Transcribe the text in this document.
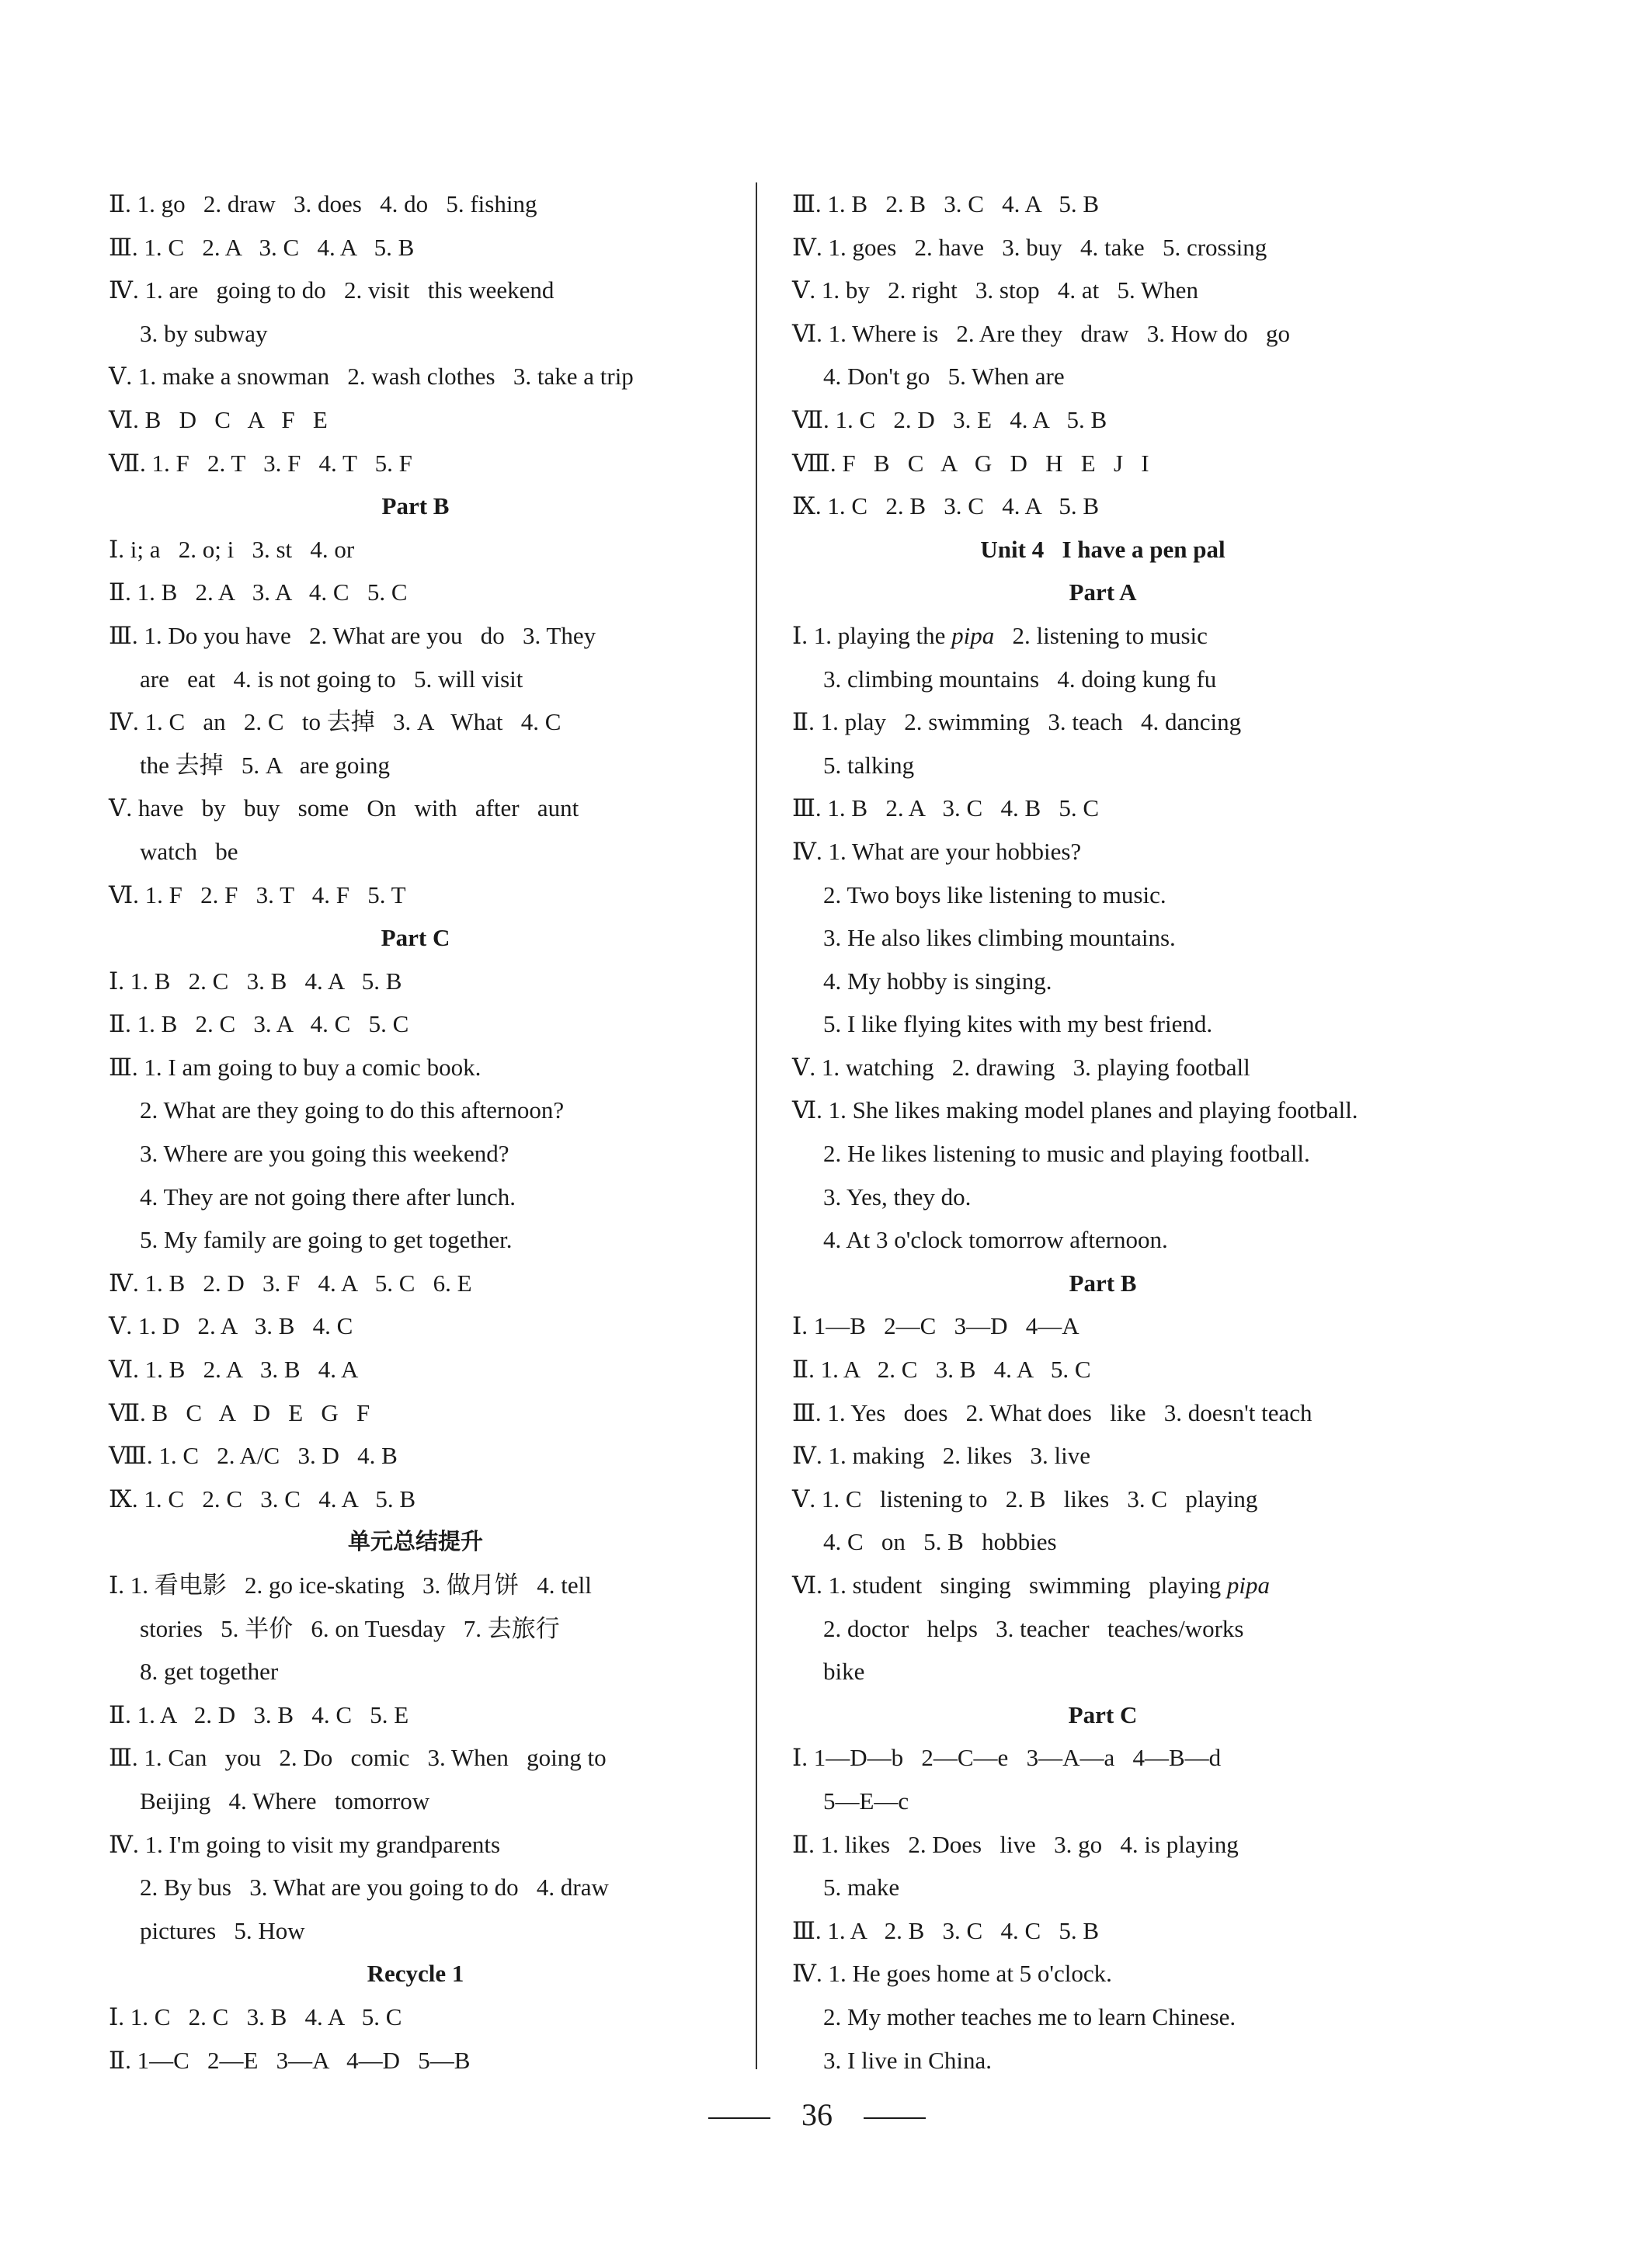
Ⅱ. 1. go   2. draw   3. does   4. do   5. fishing
Ⅲ. 1. C   2. A   3. C   4. A   5. B
Ⅳ. 1. are   going to do   2. visit   this weekend
3. by subway
Ⅴ. 1. make a snowman   2. wash clothes   3. take a trip
Ⅵ. B   D   C   A   F   E
Ⅶ. 1. F   2. T   3. F   4. T   5. F
Part B
Ⅰ. i; a   2. o; i   3. st   4. or
Ⅱ. 1. B   2. A   3. A   4. C   5. C
Ⅲ. 1. Do you have   2. What are you   do   3. They
are   eat   4. is not going to   5. will visit
Ⅳ. 1. C   an   2. C   to 去掉   3. A   What   4. C
the 去掉   5. A   are going
Ⅴ. have   by   buy   some   On   with   after   aunt
watch   be
Ⅵ. 1. F   2. F   3. T   4. F   5. T
Part C
Ⅰ. 1. B   2. C   3. B   4. A   5. B
Ⅱ. 1. B   2. C   3. A   4. C   5. C
Ⅲ. 1. I am going to buy a comic book.
2. What are they going to do this afternoon?
3. Where are you going this weekend?
4. They are not going there after lunch.
5. My family are going to get together.
Ⅳ. 1. B   2. D   3. F   4. A   5. C   6. E
Ⅴ. 1. D   2. A   3. B   4. C
Ⅵ. 1. B   2. A   3. B   4. A
Ⅶ. B   C   A   D   E   G   F
Ⅷ. 1. C   2. A/C   3. D   4. B
Ⅸ. 1. C   2. C   3. C   4. A   5. B
单元总结提升
Ⅰ. 1. 看电影   2. go ice-skating   3. 做月饼   4. tell
stories   5. 半价   6. on Tuesday   7. 去旅行
8. get together
Ⅱ. 1. A   2. D   3. B   4. C   5. E
Ⅲ. 1. Can   you   2. Do   comic   3. When   going to
Beijing   4. Where   tomorrow
Ⅳ. 1. I'm going to visit my grandparents
2. By bus   3. What are you going to do   4. draw
pictures   5. How
Recycle 1
Ⅰ. 1. C   2. C   3. B   4. A   5. C
Ⅱ. 1—C   2—E   3—A   4—D   5—B
Ⅲ. 1. B   2. B   3. C   4. A   5. B
Ⅳ. 1. goes   2. have   3. buy   4. take   5. crossing
Ⅴ. 1. by   2. right   3. stop   4. at   5. When
Ⅵ. 1. Where is   2. Are they   draw   3. How do   go
4. Don't go   5. When are
Ⅶ. 1. C   2. D   3. E   4. A   5. B
Ⅷ. F   B   C   A   G   D   H   E   J   I
Ⅸ. 1. C   2. B   3. C   4. A   5. B
Unit 4   I have a pen pal
Part A
Ⅰ. 1. playing the pipa   2. listening to music
3. climbing mountains   4. doing kung fu
Ⅱ. 1. play   2. swimming   3. teach   4. dancing
5. talking
Ⅲ. 1. B   2. A   3. C   4. B   5. C
Ⅳ. 1. What are your hobbies?
2. Two boys like listening to music.
3. He also likes climbing mountains.
4. My hobby is singing.
5. I like flying kites with my best friend.
Ⅴ. 1. watching   2. drawing   3. playing football
Ⅵ. 1. She likes making model planes and playing football.
2. He likes listening to music and playing football.
3. Yes, they do.
4. At 3 o'clock tomorrow afternoon.
Part B
Ⅰ. 1—B   2—C   3—D   4—A
Ⅱ. 1. A   2. C   3. B   4. A   5. C
Ⅲ. 1. Yes   does   2. What does   like   3. doesn't teach
Ⅳ. 1. making   2. likes   3. live
Ⅴ. 1. C   listening to   2. B   likes   3. C   playing
4. C   on   5. B   hobbies
Ⅵ. 1. student   singing   swimming   playing pipa
2. doctor   helps   3. teacher   teaches/works
bike
Part C
Ⅰ. 1—D—b   2—C—e   3—A—a   4—B—d
5—E—c
Ⅱ. 1. likes   2. Does   live   3. go   4. is playing
5. make
Ⅲ. 1. A   2. B   3. C   4. C   5. B
Ⅳ. 1. He goes home at 5 o'clock.
2. My mother teaches me to learn Chinese.
3. I live in China.
36
